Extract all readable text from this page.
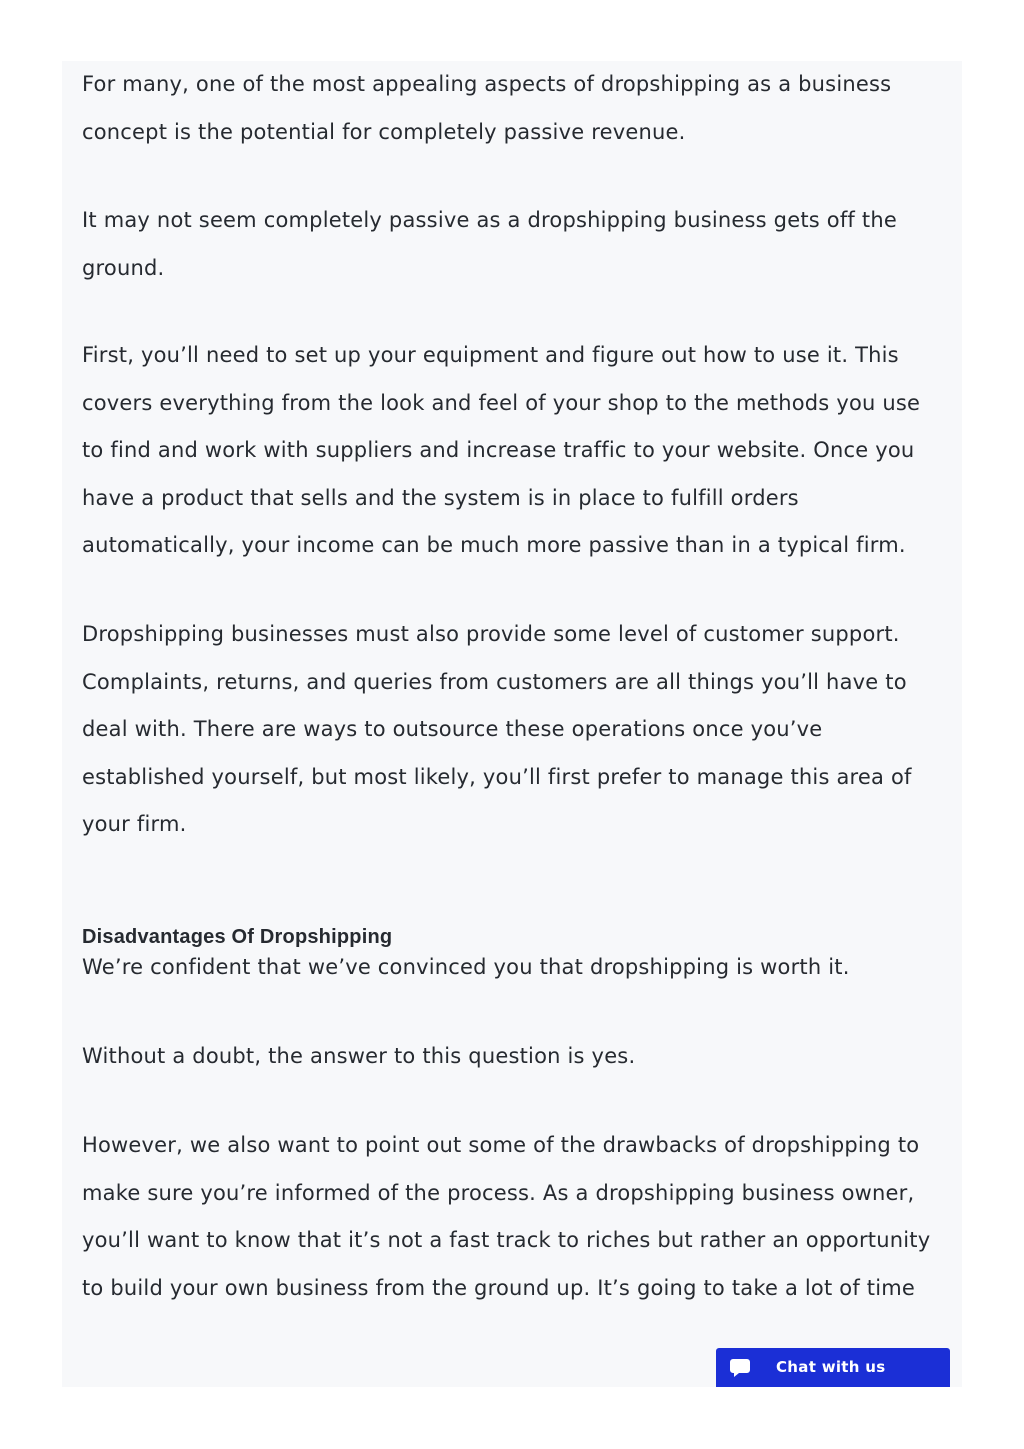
For many, one of the most appealing aspects of dropshipping as a business concept is the potential for completely passive revenue.

It may not seem completely passive as a dropshipping business gets off the ground.

First, you’ll need to set up your equipment and figure out how to use it. This covers everything from the look and feel of your shop to the methods you use to find and work with suppliers and increase traffic to your website. Once you have a product that sells and the system is in place to fulfill orders automatically, your income can be much more passive than in a typical firm.

Dropshipping businesses must also provide some level of customer support. Complaints, returns, and queries from customers are all things you’ll have to deal with. There are ways to outsource these operations once you’ve established yourself, but most likely, you’ll first prefer to manage this area of your firm.

Disadvantages Of Dropshipping

We’re confident that we’ve convinced you that dropshipping is worth it.

Without a doubt, the answer to this question is yes.

However, we also want to point out some of the drawbacks of dropshipping to make sure you’re informed of the process. As a dropshipping business owner, you’ll want to know that it’s not a fast track to riches but rather an opportunity to build your own business from the ground up. It’s going to take a lot of time

Chat with us
